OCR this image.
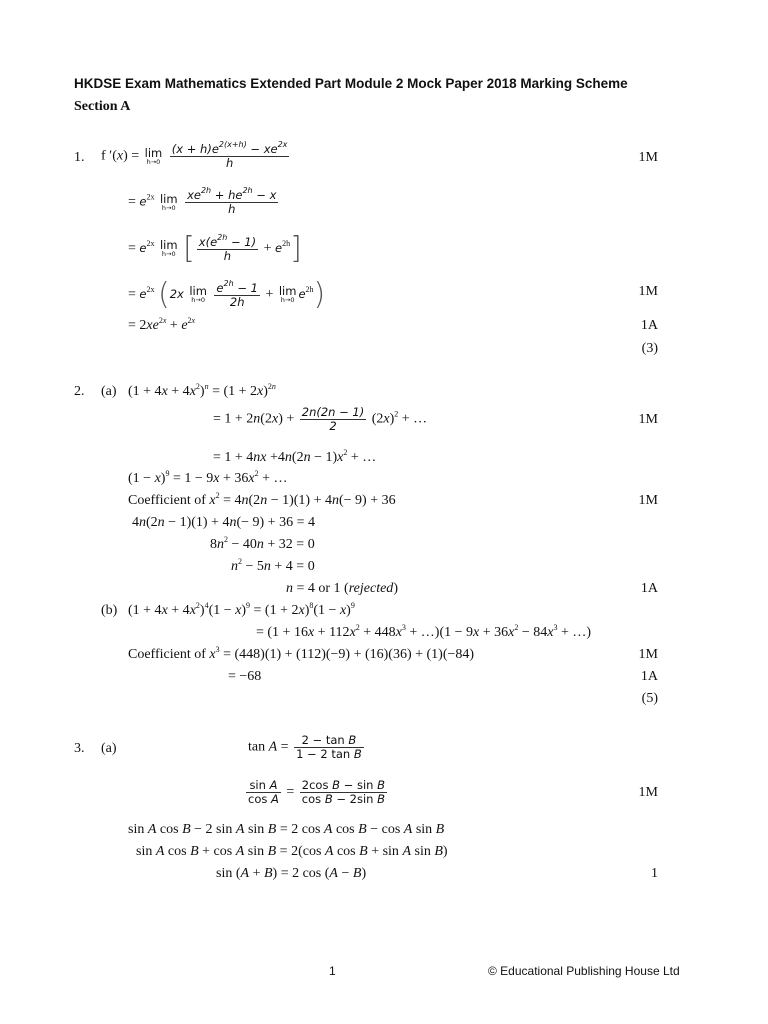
HKDSE Exam Mathematics Extended Part Module 2 Mock Paper 2018 Marking Scheme
Section A
1. f ′(x) = lim
h→0
$\frac{(x + h)e^{2(x+h)} - xe^{2x}}{h}$	1M
= $e^{2x}$ lim
h→0
$\frac{xe^{2h} + he^{2h} - x}{h}$
= $e^{2x}$ lim
h→0 [ $\frac{x(e^{2h} - 1)}{h} + e^{2h}$]
= $e^{2x}$ (2x lim
h→0
$\frac{e^{2h} - 1}{2h} + \lim$
h→0 $e^{2h}$)	1M
= $2xe^{2x} + e^{2x}$	1A
(3)
2. (a) $(1 + 4x + 4x^2)^n = (1 + 2x)^{2n}$
= $1 + 2n(2x) + \frac{2n(2n - 1)}{2} (2x)^2$ + …	1M
= $1 + 4nx +4n(2n - 1)x^2$ + …
$(1 - x)^9 = 1 - 9x + 36x^2$ + …
Coefficient of $x^2 = 4n(2n - 1)(1) + 4n(- 9) + 36$	1M
4n(2n − 1)(1) + 4n(− 9) + 36 = 4
$8n^2 - 40n + 32 = 0$
$n^2 - 5n + 4 = 0$
n = 4 or 1 (rejected)	1A
(b) $(1 + 4x + 4x^2)^4(1 - x)^9 = (1 + 2x)^8(1 - x)^9$
= ($1 + 16x + 112x^2 + 448x^3$ + …)(1 − $9x + 36x^2 - 84x^3$ + …)
Coefficient of $x^3 = (448)(1) + (112)(-9) + (16)(36) + (1)(-84)$	1M
= −68	1A
(5)
3. (a)	$\tan A = \frac{\text{2 − tan B}}{\text{1 − 2 tan B}}$
$\frac{\text{sin A}}{\text{cos A}} = \frac{\text{2cos B − sin B}}{\text{cos B − 2sin B}}$	1M
sin A cos B − 2 sin A sin B = 2 cos A cos B − cos A sin B
sin A cos B + cos A sin B = 2(cos A cos B + sin A sin B)
sin (A + B) = 2 cos (A − B)	1
1	© Educational Publishing House Ltd
